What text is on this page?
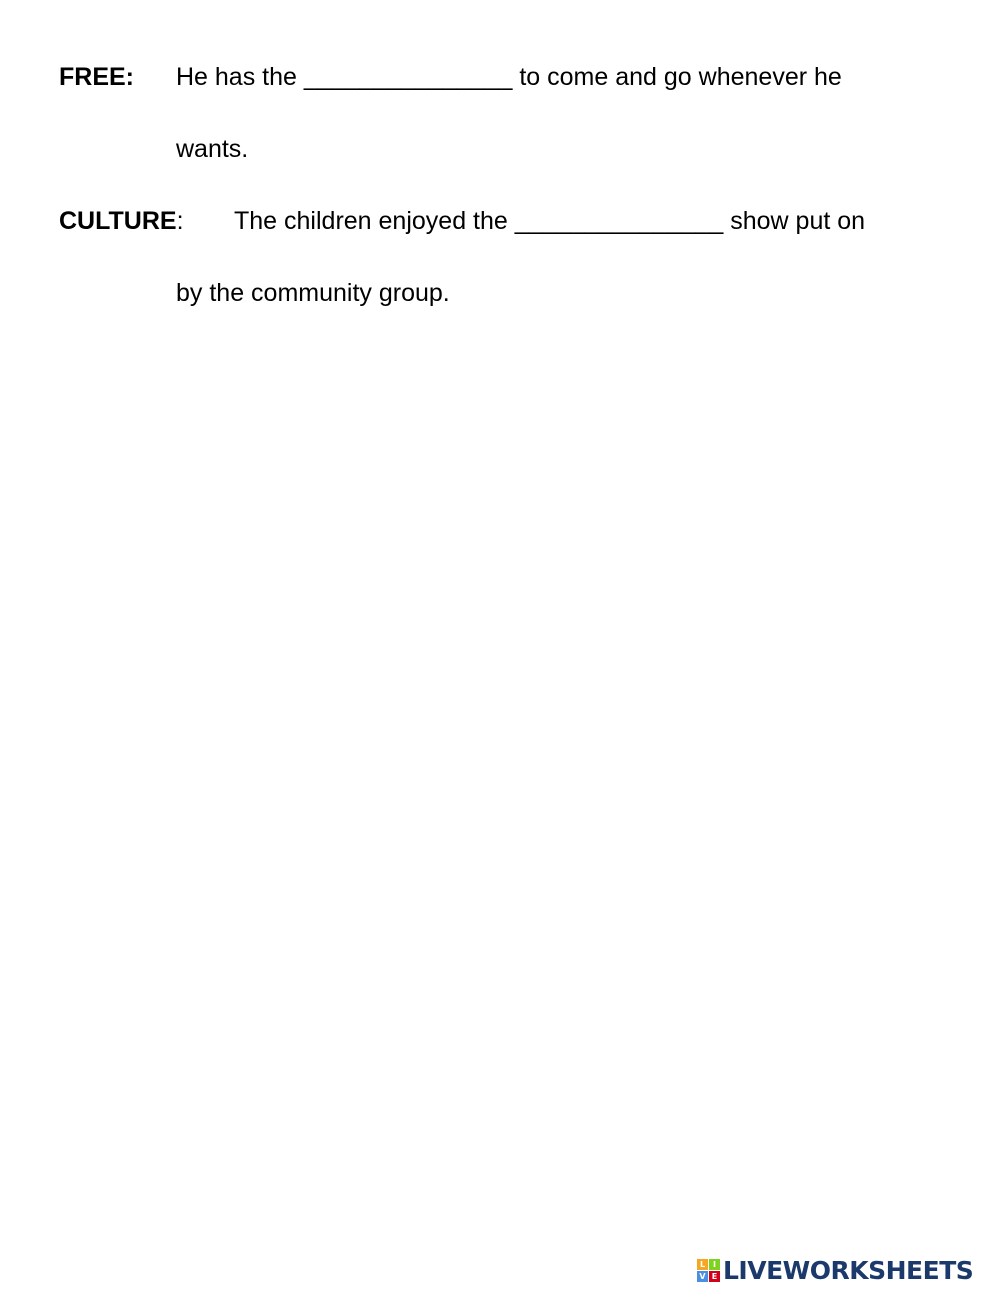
FREE: He has the _______________ to come and go whenever he
wants.
CULTURE: The children enjoyed the _______________ show put on
by the community group.
L I
V E LIVEWORKSHEETS
